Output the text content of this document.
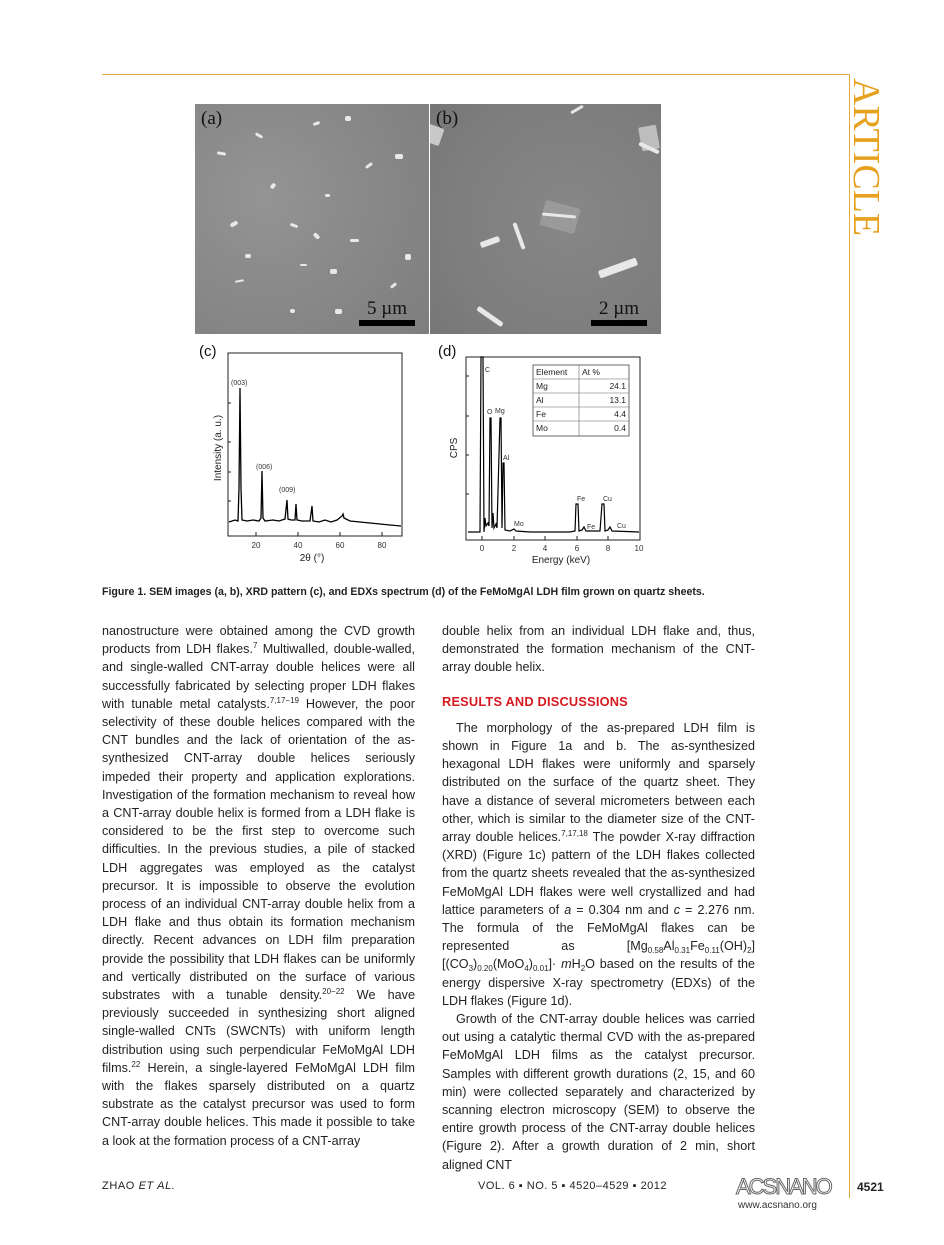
ARTICLE
(a)
5 µm
(b)
2 µm
(c)
20	40	60	80
2θ (°)
Intensity (a. u.)
(003)
(006)
(009)
(d)
0	2	4	6	8	10
Energy (keV)
CPS
C
O Mg
Al
Mo
Fe
Fe
Cu
Cu
Element At %
Mg	24.1
Al	13.1
Fe	4.4
Mo	0.4
Figure 1. SEM images (a, b), XRD pattern (c), and EDXs spectrum (d) of the FeMoMgAl LDH film grown on quartz sheets.

nanostructure were obtained among the CVD growth products from LDH flakes.$^7$ Multiwalled, double-walled, and single-walled CNT-array double helices were all successfully fabricated by selecting proper LDH flakes with tunable metal catalysts.$^{7,17-19}$ However, the poor selectivity of these double helices compared with the CNT bundles and the lack of orientation of the as-synthesized CNT-array double helices seriously impeded their property and application explorations. Investigation of the formation mechanism to reveal how a CNT-array double helix is formed from a LDH flake is considered to be the first step to overcome such difficulties. In the previous studies, a pile of stacked LDH aggregates was employed as the catalyst precursor. It is impossible to observe the evolution process of an individual CNT-array double helix from a LDH flake and thus obtain its formation mechanism directly. Recent advances on LDH film preparation provide the possibility that LDH flakes can be uniformly and vertically distributed on the surface of various substrates with a tunable density.$^{20-22}$ We have previously succeeded in synthesizing short aligned single-walled CNTs (SWCNTs) with uniform length distribution using such perpendicular FeMoMgAl LDH films.$^{22}$ Herein, a single-layered FeMoMgAl LDH film with the flakes sparsely distributed on a quartz substrate as the catalyst precursor was used to form CNT-array double helices. This made it possible to take a look at the formation process of a CNT-array

double helix from an individual LDH flake and, thus, demonstrated the formation mechanism of the CNT-array double helix.

RESULTS AND DISCUSSIONS

The morphology of the as-prepared LDH film is shown in Figure 1a and b. The as-synthesized hexagonal LDH flakes were uniformly and sparsely distributed on the surface of the quartz sheet. They have a distance of several micrometers between each other, which is similar to the diameter size of the CNT-array double helices.$^{7,17,18}$ The powder X-ray diffraction (XRD) (Figure 1c) pattern of the LDH flakes collected from the quartz sheets revealed that the as-synthesized FeMoMgAl LDH flakes were well crystallized and had lattice parameters of a = 0.304 nm and c = 2.276 nm. The formula of the FeMoMgAl flakes can be represented as $[Mg_{0.58}Al_{0.31}Fe_{0.11}(OH)_2][(CO_3)_{0.20}(MoO_4)_{0.01}]\cdot mH_2O$ based on the results of the energy dispersive X-ray spectrometry (EDXs) of the LDH flakes (Figure 1d).

Growth of the CNT-array double helices was carried out using a catalytic thermal CVD with the as-prepared FeMoMgAl LDH films as the catalyst precursor. Samples with different growth durations (2, 15, and 60 min) were collected separately and characterized by scanning electron microscopy (SEM) to observe the entire growth process of the CNT-array double helices (Figure 2). After a growth duration of 2 min, short aligned CNT

ZHAO ET AL.	VOL. 6 ▪ NO. 5 ▪ 4520–4529 ▪ 2012	ACSNANO
www.acsnano.org
4521
